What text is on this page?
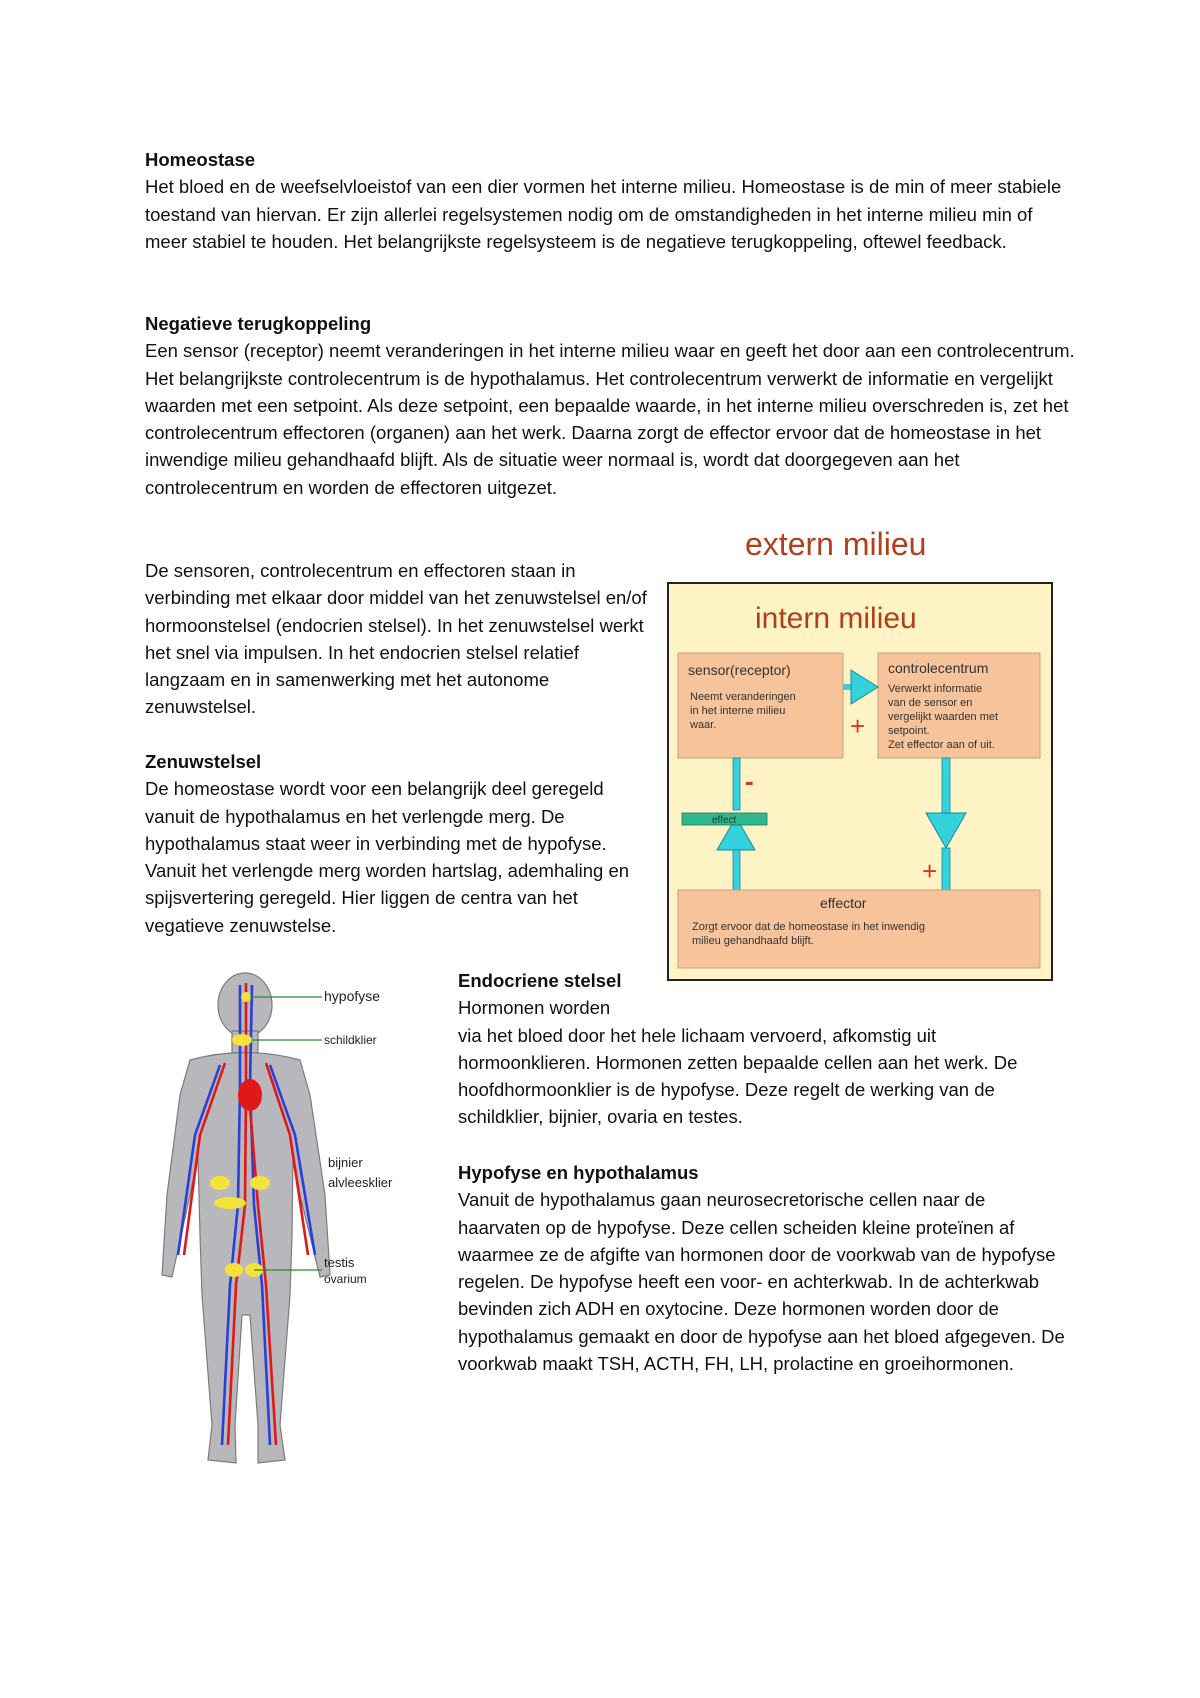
Homeostase

Het bloed en de weefselvloeistof van een dier vormen het interne milieu. Homeostase is de min of meer stabiele toestand van hiervan. Er zijn allerlei regelsystemen nodig om de omstandigheden in het interne milieu min of meer stabiel te houden. Het belangrijkste regelsysteem is de negatieve terugkoppeling, oftewel feedback.

Negatieve terugkoppeling

Een sensor (receptor) neemt veranderingen in het interne milieu waar en geeft het door aan een controlecentrum. Het belangrijkste controlecentrum is de hypothalamus. Het controlecentrum verwerkt de informatie en vergelijkt waarden met een setpoint. Als deze setpoint, een bepaalde waarde, in het interne milieu overschreden is, zet het controlecentrum effectoren (organen) aan het werk. Daarna zorgt de effector ervoor dat de homeostase in het inwendige milieu gehandhaafd blijft. Als de situatie weer normaal is, wordt dat doorgegeven aan het controlecentrum en worden de effectoren uitgezet.

De sensoren, controlecentrum en effectoren staan in verbinding met elkaar door middel van het zenuwstelsel en/of hormoonstelsel (endocrien stelsel). In het zenuwstelsel werkt het snel via impulsen. In het endocrien stelsel relatief langzaam en in samenwerking met het autonome zenuwstelsel.

Zenuwstelsel

De homeostase wordt voor een belangrijk deel geregeld vanuit de hypothalamus en het verlengde merg. De hypothalamus staat weer in verbinding met de hypofyse. Vanuit het verlengde merg worden hartslag, ademhaling en spijsvertering geregeld. Hier liggen de centra van het vegatieve zenuwstelse.

Endocriene stelsel

Hormonen worden

via het bloed door het hele lichaam vervoerd, afkomstig uit hormoonklieren. Hormonen zetten bepaalde cellen aan het werk. De hoofdhormoonklier is de hypofyse. Deze regelt de werking van de schildklier, bijnier, ovaria en testes.

Hypofyse en hypothalamus

Vanuit de hypothalamus gaan neurosecretorische cellen naar de haarvaten op de hypofyse. Deze cellen scheiden kleine proteïnen af waarmee ze de afgifte van hormonen door de voorkwab van de hypofyse regelen. De hypofyse heeft een voor- en achterkwab. In de achterkwab bevinden zich ADH en oxytocine. Deze hormonen worden door de hypothalamus gemaakt en door de hypofyse aan het bloed afgegeven. De voorkwab maakt TSH, ACTH, FH, LH, prolactine en groeihormonen.

extern milieu
intern milieu
sensor(receptor)
Neemt veranderingen in het interne milieu waar.
controlecentrum
Verwerkt informatie van de sensor en vergelijkt waarden met setpoint. Zet effector aan of uit.
+
-
effect
+
effector
Zorgt ervoor dat de homeostase in het inwendig milieu gehandhaafd blijft.
hypofyse
schildklier
bijnier
alvleesklier
testis
ovarium
